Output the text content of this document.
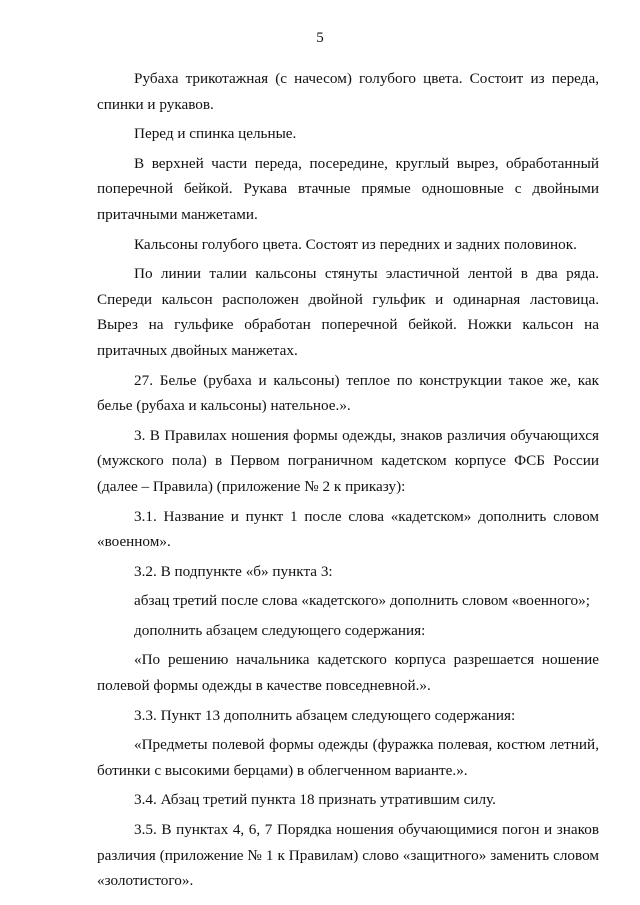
5

Рубаха трикотажная (с начесом) голубого цвета. Состоит из переда, спинки и рукавов.

Перед и спинка цельные.

В верхней части переда, посередине, круглый вырез, обработанный поперечной бейкой. Рукава втачные прямые одношовные с двойными притачными манжетами.

Кальсоны голубого цвета. Состоят из передних и задних половинок.

По линии талии кальсоны стянуты эластичной лентой в два ряда. Спереди кальсон расположен двойной гульфик и одинарная ластовица. Вырез на гульфике обработан поперечной бейкой. Ножки кальсон на притачных двойных манжетах.

27. Белье (рубаха и кальсоны) теплое по конструкции такое же, как белье (рубаха и кальсоны) нательное.».

3. В Правилах ношения формы одежды, знаков различия обучающихся (мужского пола) в Первом пограничном кадетском корпусе ФСБ России (далее – Правила) (приложение № 2 к приказу):

3.1. Название и пункт 1 после слова «кадетском» дополнить словом «военном».

3.2. В подпункте «б» пункта 3:

абзац третий после слова «кадетского» дополнить словом «военного»;

дополнить абзацем следующего содержания:

«По решению начальника кадетского корпуса разрешается ношение полевой формы одежды в качестве повседневной.».

3.3. Пункт 13 дополнить абзацем следующего содержания:

«Предметы полевой формы одежды (фуражка полевая, костюм летний, ботинки с высокими берцами) в облегченном варианте.».

3.4. Абзац третий пункта 18 признать утратившим силу.

3.5. В пунктах 4, 6, 7 Порядка ношения обучающимися погон и знаков различия (приложение № 1 к Правилам) слово «защитного» заменить словом «золотистого».
